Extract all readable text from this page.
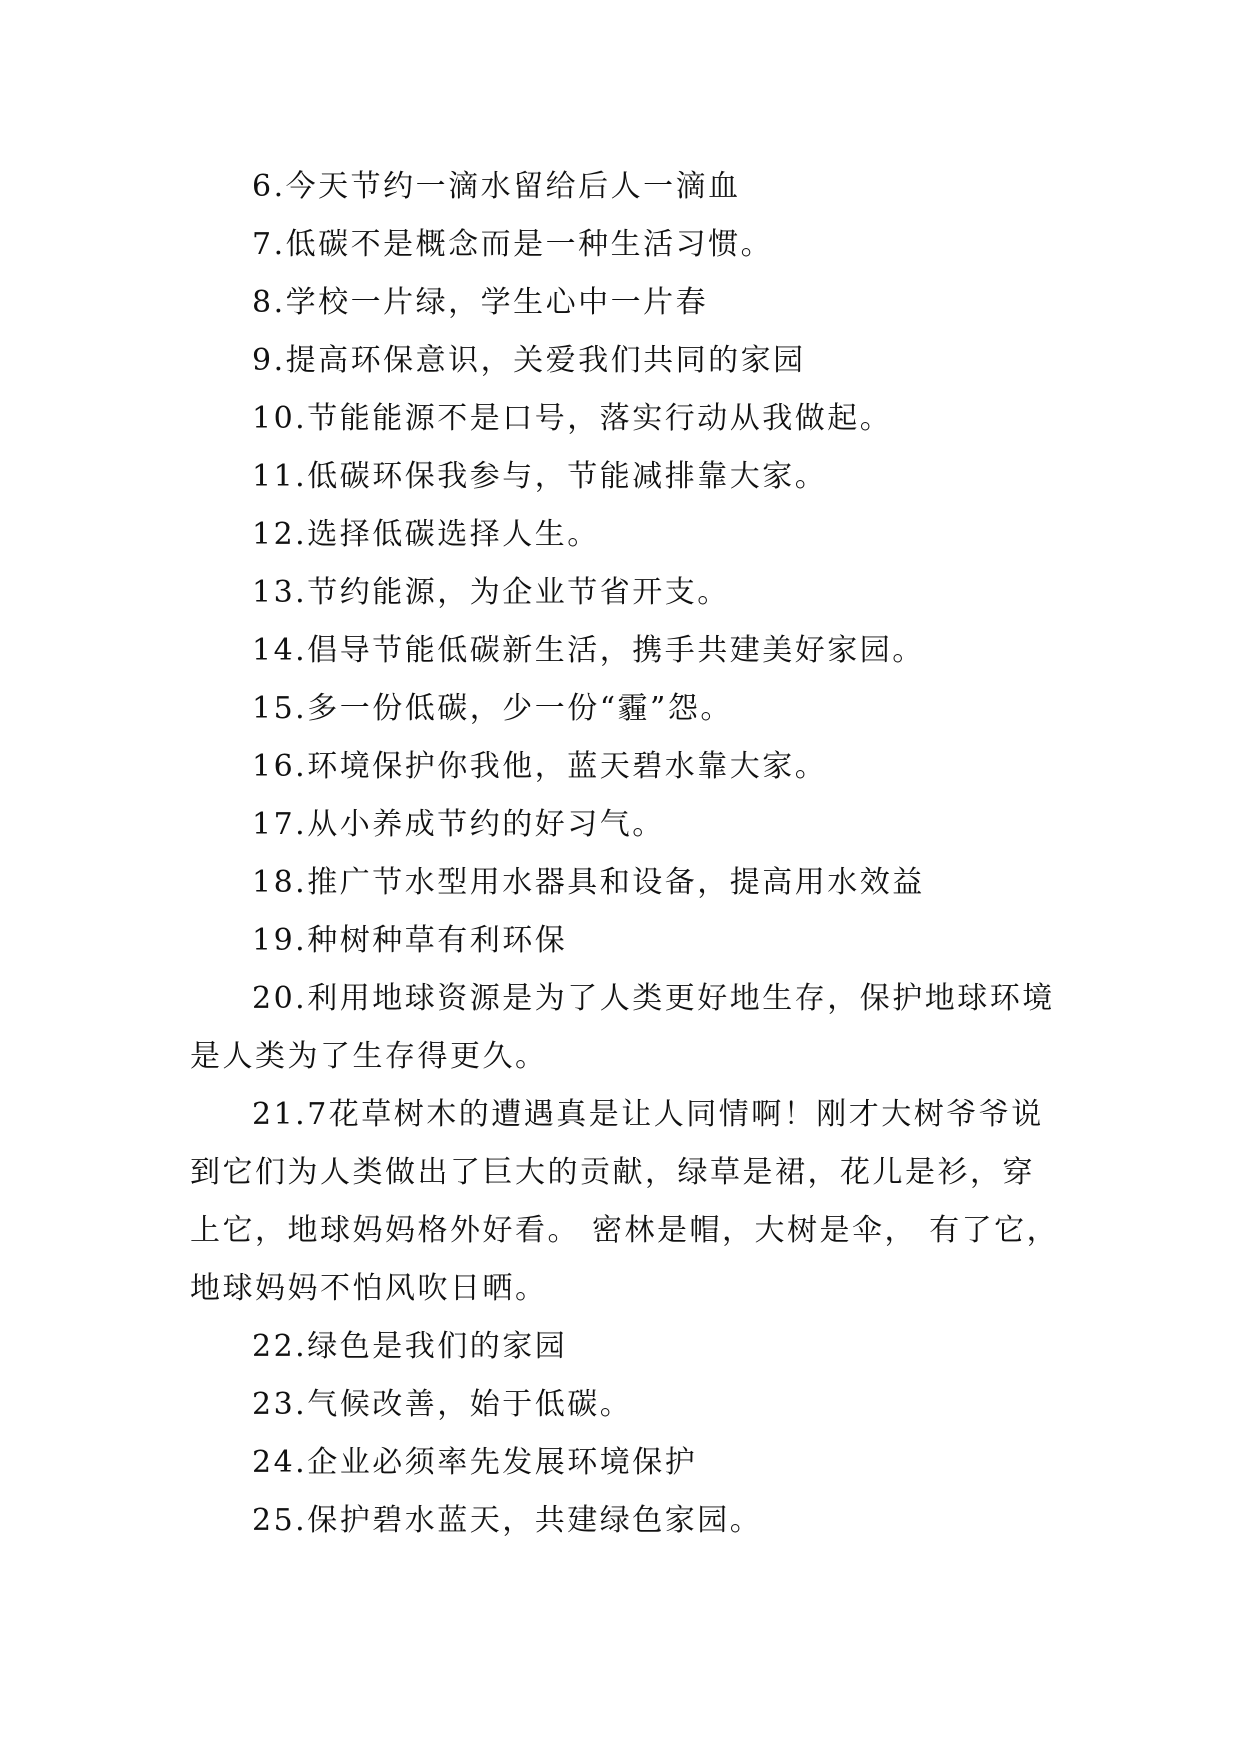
6.今天节约一滴水留给后人一滴血

7.低碳不是概念而是一种生活习惯。

8.学校一片绿，学生心中一片春

9.提高环保意识，关爱我们共同的家园

10.节能能源不是口号，落实行动从我做起。

11.低碳环保我参与，节能减排靠大家。

12.选择低碳选择人生。

13.节约能源，为企业节省开支。

14.倡导节能低碳新生活，携手共建美好家园。

15.多一份低碳，少一份“霾”怨。

16.环境保护你我他，蓝天碧水靠大家。

17.从小养成节约的好习气。

18.推广节水型用水器具和设备，提高用水效益

19.种树种草有利环保

20.利用地球资源是为了人类更好地生存，保护地球环境是人类为了生存得更久。

21.7花草树木的遭遇真是让人同情啊！刚才大树爷爷说到它们为人类做出了巨大的贡献，绿草是裙，花儿是衫，穿上它，地球妈妈格外好看。 密林是帽，大树是伞， 有了它，地球妈妈不怕风吹日晒。

22.绿色是我们的家园

23.气候改善，始于低碳。

24.企业必须率先发展环境保护

25.保护碧水蓝天，共建绿色家园。
